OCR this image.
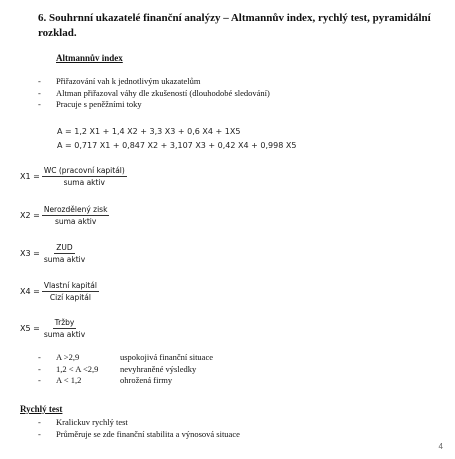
6. Souhrnní ukazatelé finanční analýzy – Altmannův index, rychlý test, pyramidální rozklad.
Altmannův index
-	Přiřazování vah k jednotlivým ukazatelům
-	Altman přiřazoval váhy dle zkušeností (dlouhodobé sledování)
-	Pracuje s peněžními toky
A = 1,2 X1 + 1,4 X2 + 3,3 X3 + 0,6 X4 + 1X5
A = 0,717 X1 + 0,847 X2 + 3,107 X3 + 0,42 X4 + 0,998 X5
$X1 = \frac{\text{WC (pracovní kapitál)}}{\text{suma aktiv}}$
$X2 = \frac{\text{Nerozdělený zisk}}{\text{suma aktiv}}$
$X3 = \frac{\text{ZUD}}{\text{suma aktiv}}$
$X4 = \frac{\text{Vlastní kapitál}}{\text{Cizí kapitál}}$
$X5 = \frac{\text{Tržby}}{\text{suma aktiv}}$
-	A >2,9	uspokojivá finanční situace
-	1,2 < A <2,9	nevyhraněné výsledky
-	A < 1,2	ohrožená firmy
Rychlý test
-	Kralickuv rychlý test
-	Průměruje se zde finanční stabilita a výnosová situace
4
